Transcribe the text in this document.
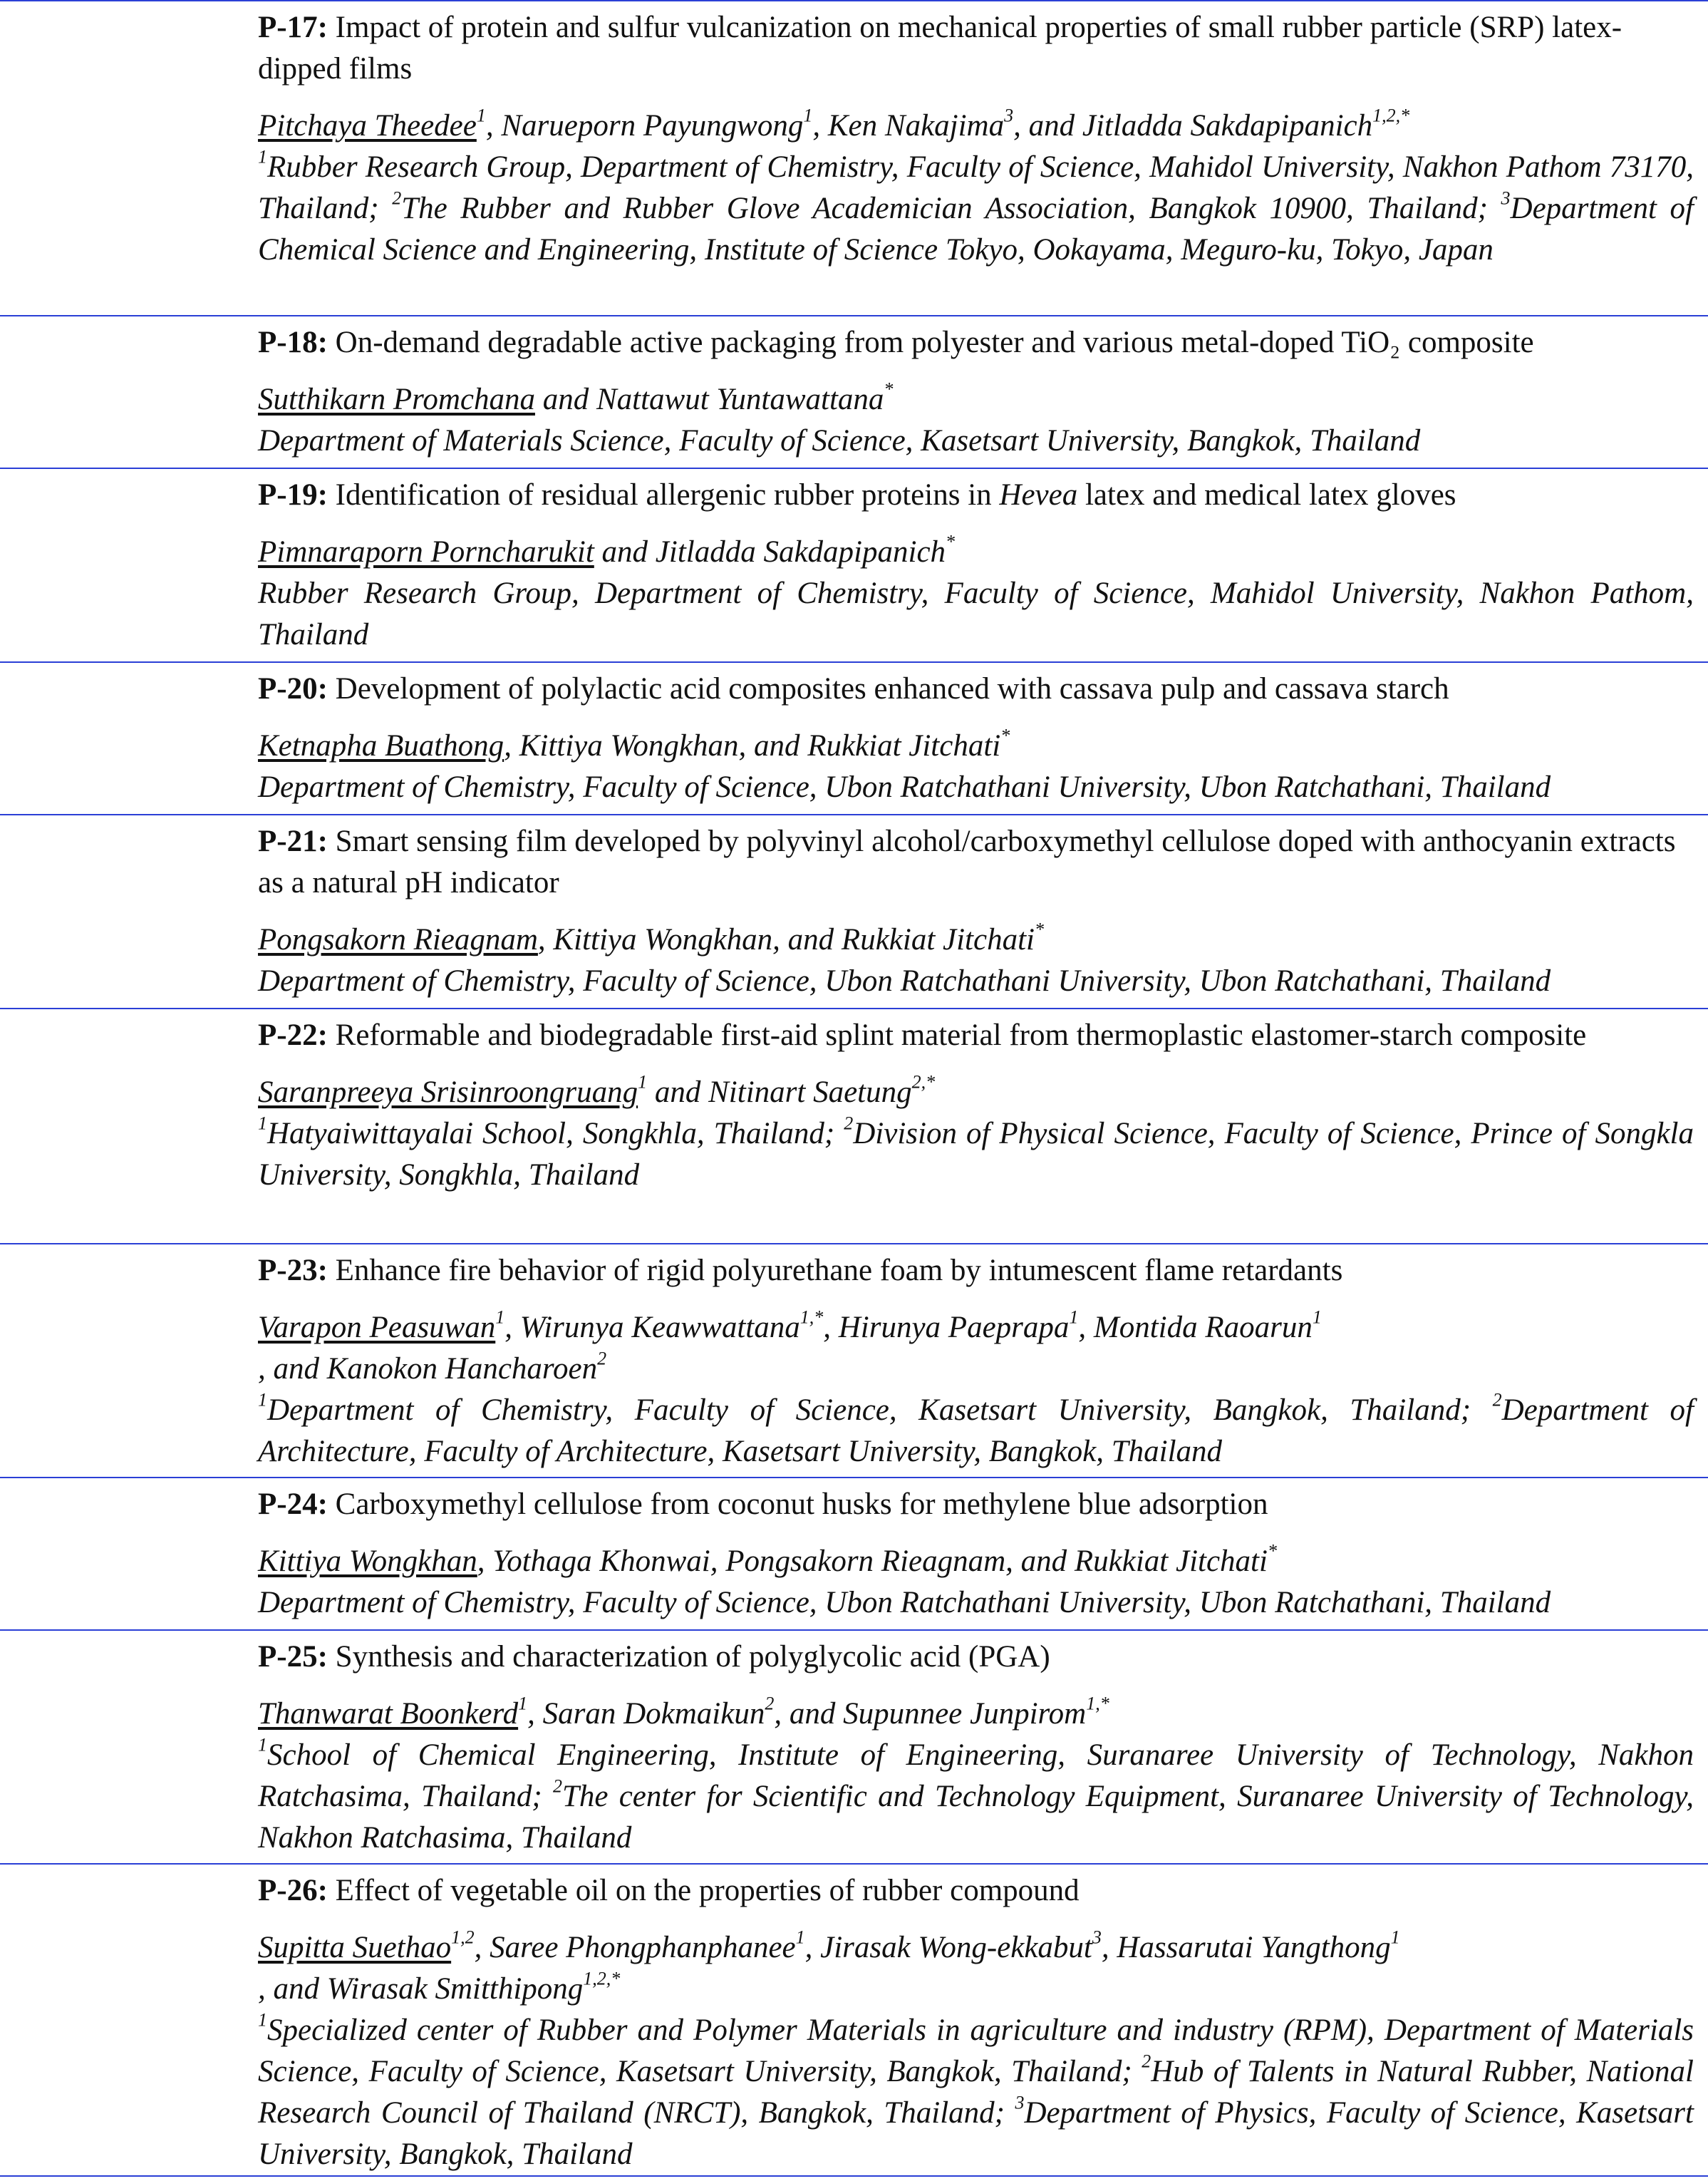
P-17: Impact of protein and sulfur vulcanization on mechanical properties of small rubber particle (SRP) latex-dipped films
Pitchaya Theedee$^1$, Narueporn Payungwong$^1$, Ken Nakajima$^3$, and Jitladda Sakdapipanich$^{1,2,*}$
$^1$Rubber Research Group, Department of Chemistry, Faculty of Science, Mahidol University, Nakhon Pathom 73170, Thailand; $^2$The Rubber and Rubber Glove Academician Association, Bangkok 10900, Thailand; $^3$Department of Chemical Science and Engineering, Institute of Science Tokyo, Ookayama, Meguro-ku, Tokyo, Japan
P-18: On-demand degradable active packaging from polyester and various metal-doped TiO₂ composite
Sutthikarn Promchana and Nattawut Yuntawattana*
Department of Materials Science, Faculty of Science, Kasetsart University, Bangkok, Thailand
P-19: Identification of residual allergenic rubber proteins in Hevea latex and medical latex gloves
Pimnaraporn Porncharukit and Jitladda Sakdapipanich*
Rubber Research Group, Department of Chemistry, Faculty of Science, Mahidol University, Nakhon Pathom, Thailand
P-20: Development of polylactic acid composites enhanced with cassava pulp and cassava starch
Ketnapha Buathong, Kittiya Wongkhan, and Rukkiat Jitchati*
Department of Chemistry, Faculty of Science, Ubon Ratchathani University, Ubon Ratchathani, Thailand
P-21: Smart sensing film developed by polyvinyl alcohol/carboxymethyl cellulose doped with anthocyanin extracts as a natural pH indicator
Pongsakorn Rieagnam, Kittiya Wongkhan, and Rukkiat Jitchati*
Department of Chemistry, Faculty of Science, Ubon Ratchathani University, Ubon Ratchathani, Thailand
P-22: Reformable and biodegradable first-aid splint material from thermoplastic elastomer-starch composite
Saranpreeya Srisinroongruang$^1$ and Nitinart Saetung$^{2,*}$
$^1$Hatyaiwittayalai School, Songkhla, Thailand; $^2$Division of Physical Science, Faculty of Science, Prince of Songkla University, Songkhla, Thailand
P-23: Enhance fire behavior of rigid polyurethane foam by intumescent flame retardants
Varapon Peasuwan$^1$, Wirunya Keawwattana$^{1,*}$, Hirunya Paeprapa$^1$, Montida Raoarun$^1$
, and Kanokon Hancharoen$^2$
$^1$Department of Chemistry, Faculty of Science, Kasetsart University, Bangkok, Thailand; $^2$Department of Architecture, Faculty of Architecture, Kasetsart University, Bangkok, Thailand
P-24: Carboxymethyl cellulose from coconut husks for methylene blue adsorption
Kittiya Wongkhan, Yothaga Khonwai, Pongsakorn Rieagnam, and Rukkiat Jitchati*
Department of Chemistry, Faculty of Science, Ubon Ratchathani University, Ubon Ratchathani, Thailand
P-25: Synthesis and characterization of polyglycolic acid (PGA)
Thanwarat Boonkerd$^1$, Saran Dokmaikun$^2$, and Supunnee Junpirom$^{1,*}$
$^1$School of Chemical Engineering, Institute of Engineering, Suranaree University of Technology, Nakhon Ratchasima, Thailand; $^2$The center for Scientific and Technology Equipment, Suranaree University of Technology, Nakhon Ratchasima, Thailand
P-26: Effect of vegetable oil on the properties of rubber compound
Supitta Suethao$^{1,2}$, Saree Phongphanphanee$^1$, Jirasak Wong-ekkabut$^3$, Hassarutai Yangthong$^1$
, and Wirasak Smitthipong$^{1,2,*}$
$^1$Specialized center of Rubber and Polymer Materials in agriculture and industry (RPM), Department of Materials Science, Faculty of Science, Kasetsart University, Bangkok, Thailand; $^2$Hub of Talents in Natural Rubber, National Research Council of Thailand (NRCT), Bangkok, Thailand; $^3$Department of Physics, Faculty of Science, Kasetsart University, Bangkok, Thailand
